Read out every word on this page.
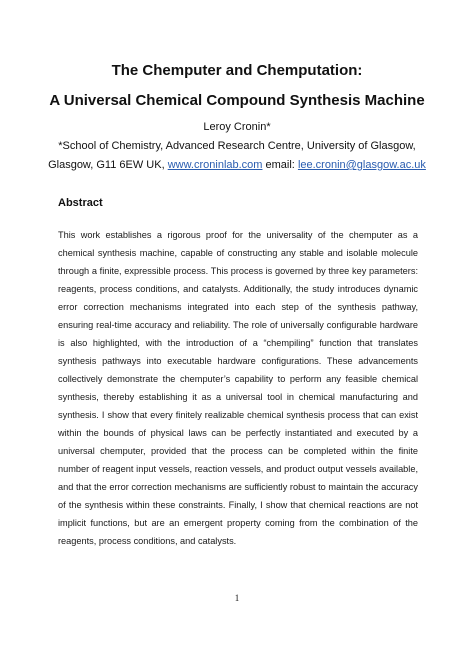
The Chemputer and Chemputation:
A Universal Chemical Compound Synthesis Machine
Leroy Cronin*
*School of Chemistry, Advanced Research Centre, University of Glasgow,
Glasgow, G11 6EW UK, www.croninlab.com email: lee.cronin@glasgow.ac.uk
Abstract

This work establishes a rigorous proof for the universality of the chemputer as a chemical synthesis machine, capable of constructing any stable and isolable molecule through a finite, expressible process. This process is governed by three key parameters: reagents, process conditions, and catalysts. Additionally, the study introduces dynamic error correction mechanisms integrated into each step of the synthesis pathway, ensuring real-time accuracy and reliability. The role of universally configurable hardware is also highlighted, with the introduction of a “chempiling” function that translates synthesis pathways into executable hardware configurations. These advancements collectively demonstrate the chemputer’s capability to perform any feasible chemical synthesis, thereby establishing it as a universal tool in chemical manufacturing and synthesis. I show that every finitely realizable chemical synthesis process that can exist within the bounds of physical laws can be perfectly instantiated and executed by a universal chemputer, provided that the process can be completed within the finite number of reagent input vessels, reaction vessels, and product output vessels available, and that the error correction mechanisms are sufficiently robust to maintain the accuracy of the synthesis within these constraints. Finally, I show that chemical reactions are not implicit functions, but are an emergent property coming from the combination of the reagents, process conditions, and catalysts.

1
